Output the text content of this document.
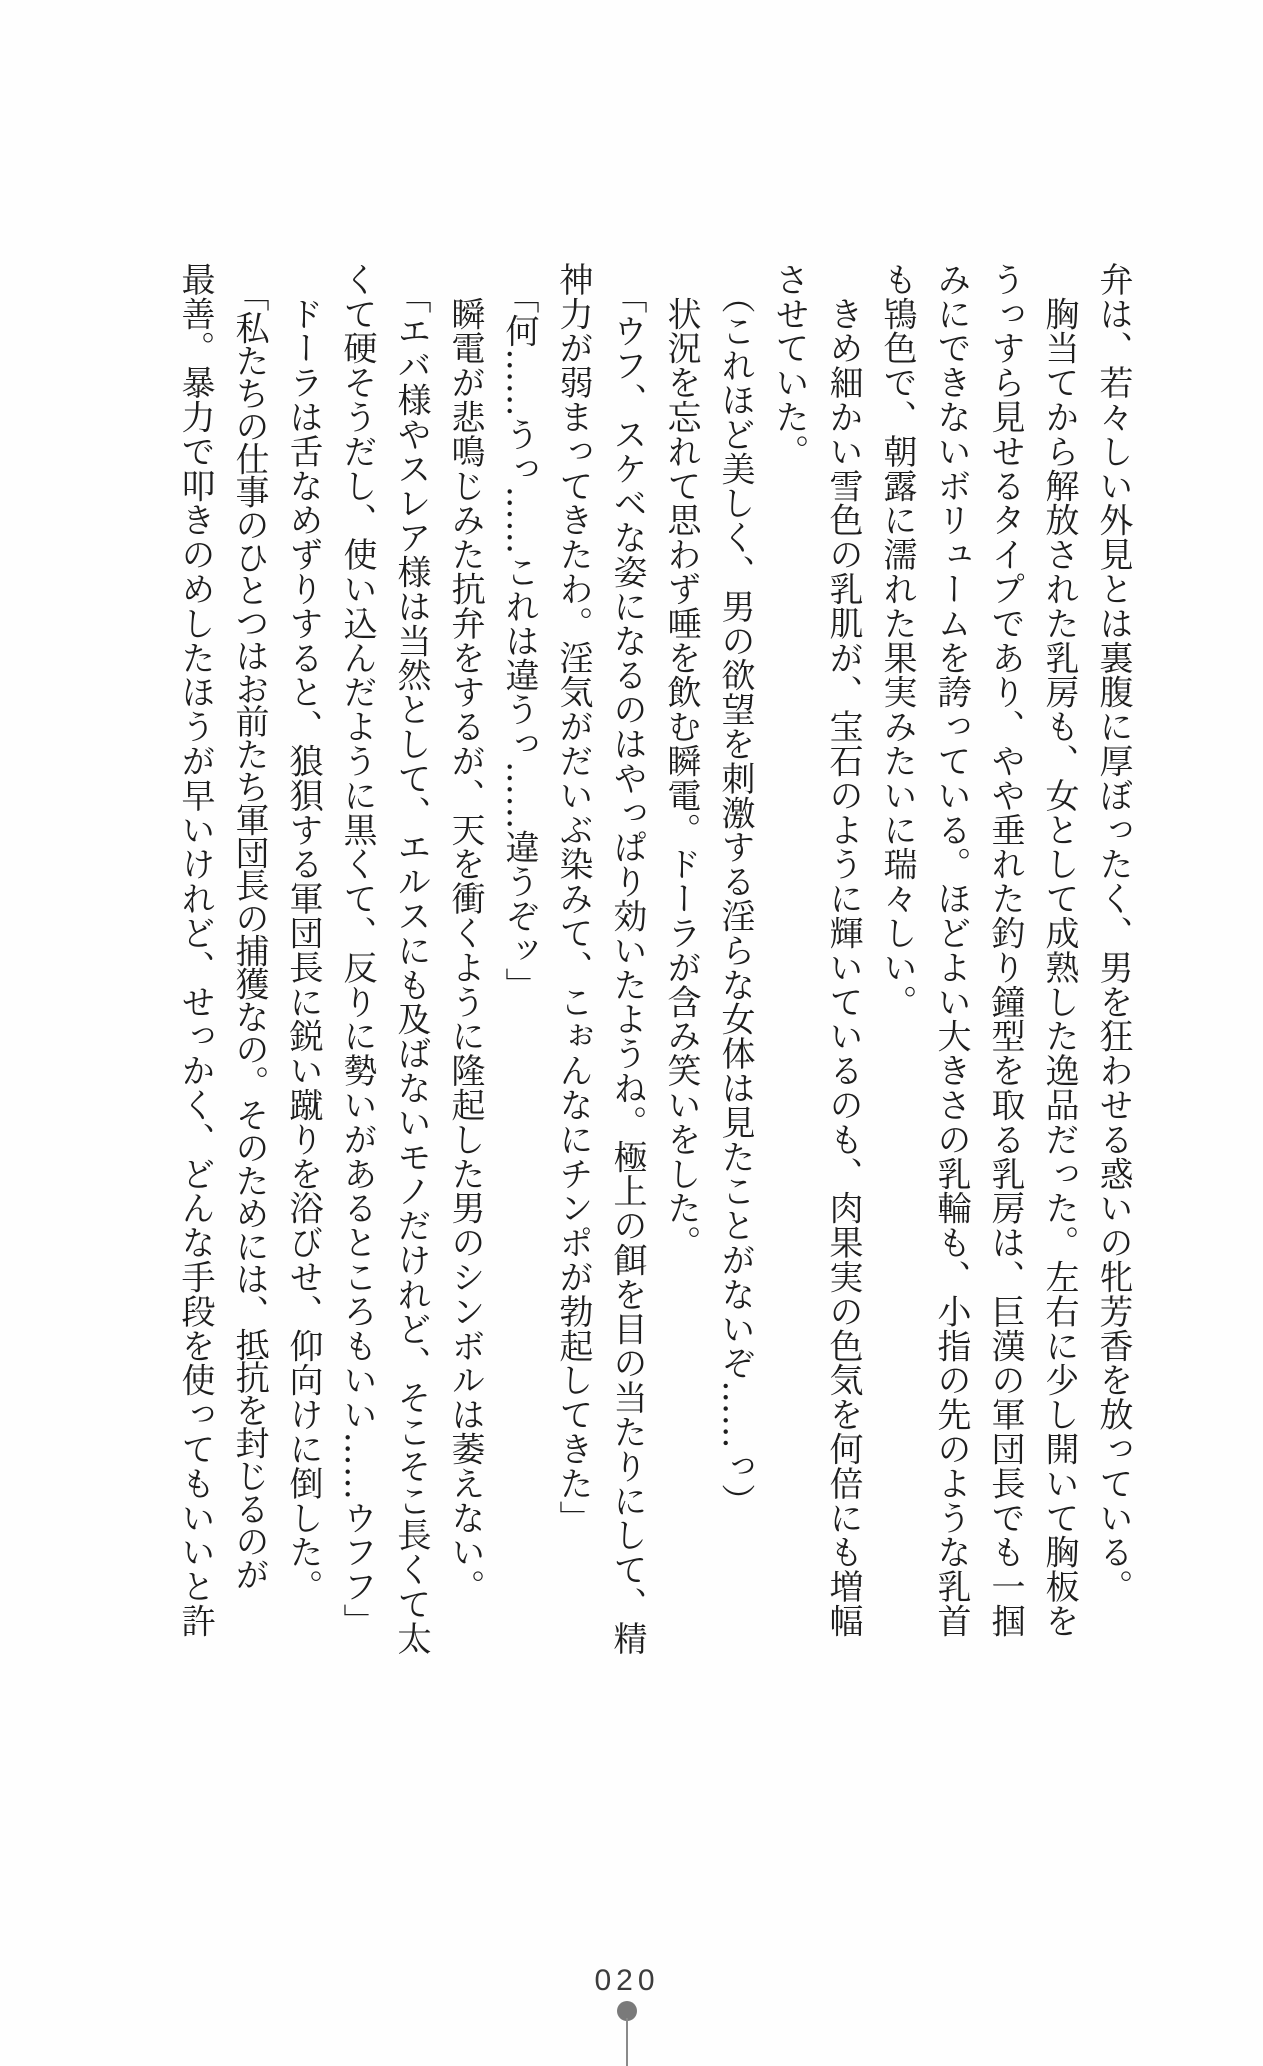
弁は、若々しい外見とは裏腹に厚ぼったく、男を狂わせる惑いの牝芳香を放っている。
　胸当てから解放された乳房も、女として成熟した逸品だった。左右に少し開いて胸板を
うっすら見せるタイプであり、やや垂れた釣り鐘型を取る乳房は、巨漢の軍団長でも一掴
みにできないボリュームを誇っている。ほどよい大きさの乳輪も、小指の先のような乳首
も鴇色で、朝露に濡れた果実みたいに瑞々しい。
　きめ細かい雪色の乳肌が、宝石のように輝いているのも、肉果実の色気を何倍にも増幅
させていた。
　（これほど美しく、男の欲望を刺激する淫らな女体は見たことがないぞ……っ）
　状況を忘れて思わず唾を飲む瞬電。ドーラが含み笑いをした。
　「ウフ、スケベな姿になるのはやっぱり効いたようね。極上の餌を目の当たりにして、精
神力が弱まってきたわ。淫気がだいぶ染みて、こぉんなにチンポが勃起してきた」
　「何……うっ……これは違うっ……違うぞッ」
　瞬電が悲鳴じみた抗弁をするが、天を衝くように隆起した男のシンボルは萎えない。
　「エバ様やスレア様は当然として、エルスにも及ばないモノだけれど、そこそこ長くて太
くて硬そうだし、使い込んだように黒くて、反りに勢いがあるところもいい……ウフフ」
　ドーラは舌なめずりすると、狼狽する軍団長に鋭い蹴りを浴びせ、仰向けに倒した。
　「私たちの仕事のひとつはお前たち軍団長の捕獲なの。そのためには、抵抗を封じるのが
最善。暴力で叩きのめしたほうが早いけれど、せっかく、どんな手段を使ってもいいと許
020
